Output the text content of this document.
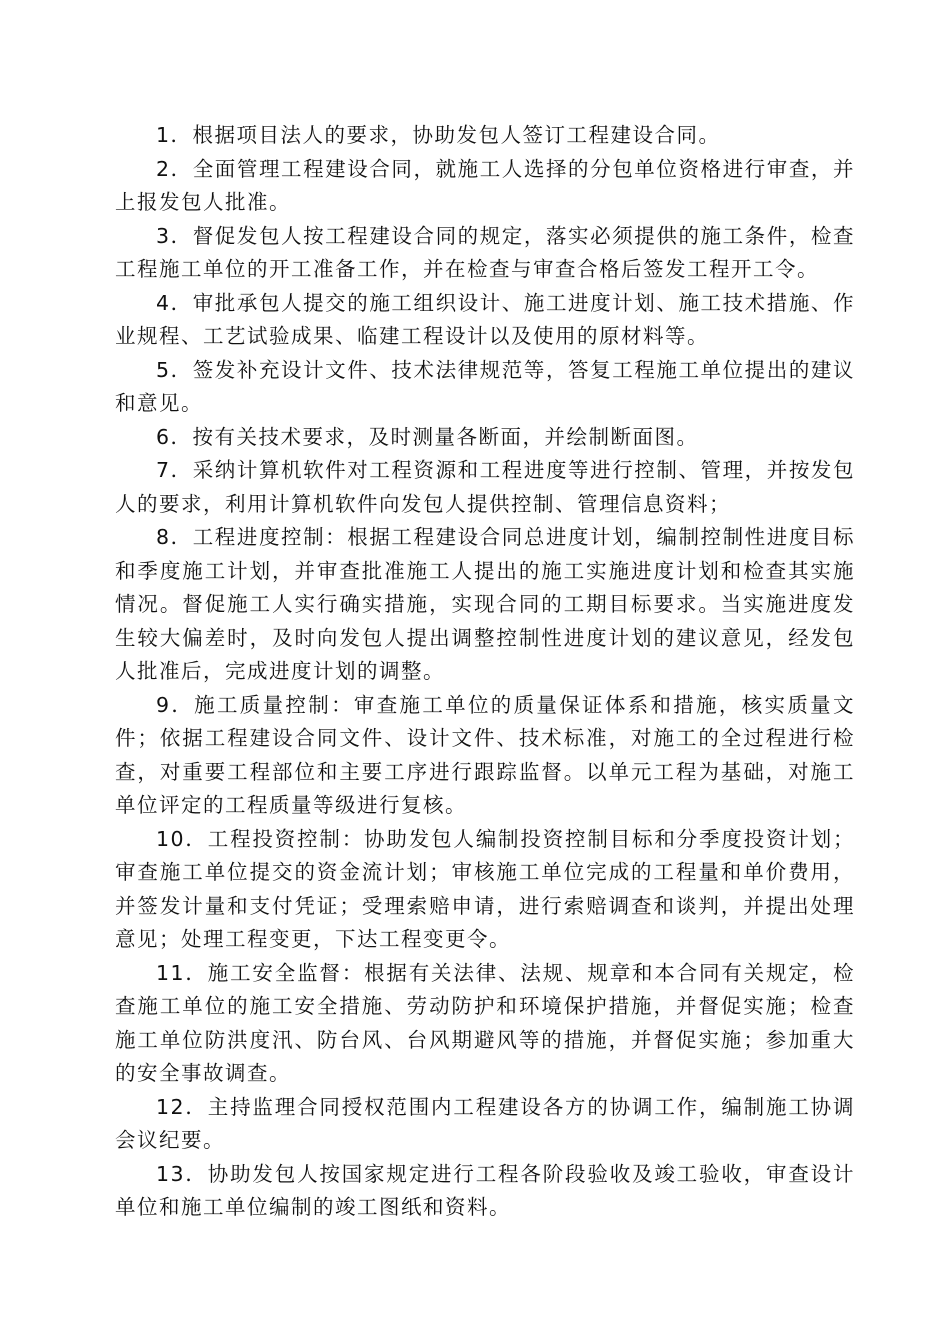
1．根据项目法人的要求，协助发包人签订工程建设合同。

2．全面管理工程建设合同，就施工人选择的分包单位资格进行审查，并上报发包人批准。

3．督促发包人按工程建设合同的规定，落实必须提供的施工条件，检查工程施工单位的开工准备工作，并在检查与审查合格后签发工程开工令。

4．审批承包人提交的施工组织设计、施工进度计划、施工技术措施、作业规程、工艺试验成果、临建工程设计以及使用的原材料等。

5．签发补充设计文件、技术法律规范等，答复工程施工单位提出的建议和意见。

6．按有关技术要求，及时测量各断面，并绘制断面图。

7．采纳计算机软件对工程资源和工程进度等进行控制、管理，并按发包人的要求，利用计算机软件向发包人提供控制、管理信息资料；

8．工程进度控制：根据工程建设合同总进度计划，编制控制性进度目标和季度施工计划，并审查批准施工人提出的施工实施进度计划和检查其实施情况。督促施工人实行确实措施，实现合同的工期目标要求。当实施进度发生较大偏差时，及时向发包人提出调整控制性进度计划的建议意见，经发包人批准后，完成进度计划的调整。

9．施工质量控制：审查施工单位的质量保证体系和措施，核实质量文件；依据工程建设合同文件、设计文件、技术标准，对施工的全过程进行检查，对重要工程部位和主要工序进行跟踪监督。以单元工程为基础，对施工单位评定的工程质量等级进行复核。

10．工程投资控制：协助发包人编制投资控制目标和分季度投资计划；审查施工单位提交的资金流计划；审核施工单位完成的工程量和单价费用，并签发计量和支付凭证；受理索赔申请，进行索赔调查和谈判，并提出处理意见；处理工程变更，下达工程变更令。

11．施工安全监督：根据有关法律、法规、规章和本合同有关规定，检查施工单位的施工安全措施、劳动防护和环境保护措施，并督促实施；检查施工单位防洪度汛、防台风、台风期避风等的措施，并督促实施；参加重大的安全事故调查。

12．主持监理合同授权范围内工程建设各方的协调工作，编制施工协调会议纪要。

13．协助发包人按国家规定进行工程各阶段验收及竣工验收，审查设计单位和施工单位编制的竣工图纸和资料。
